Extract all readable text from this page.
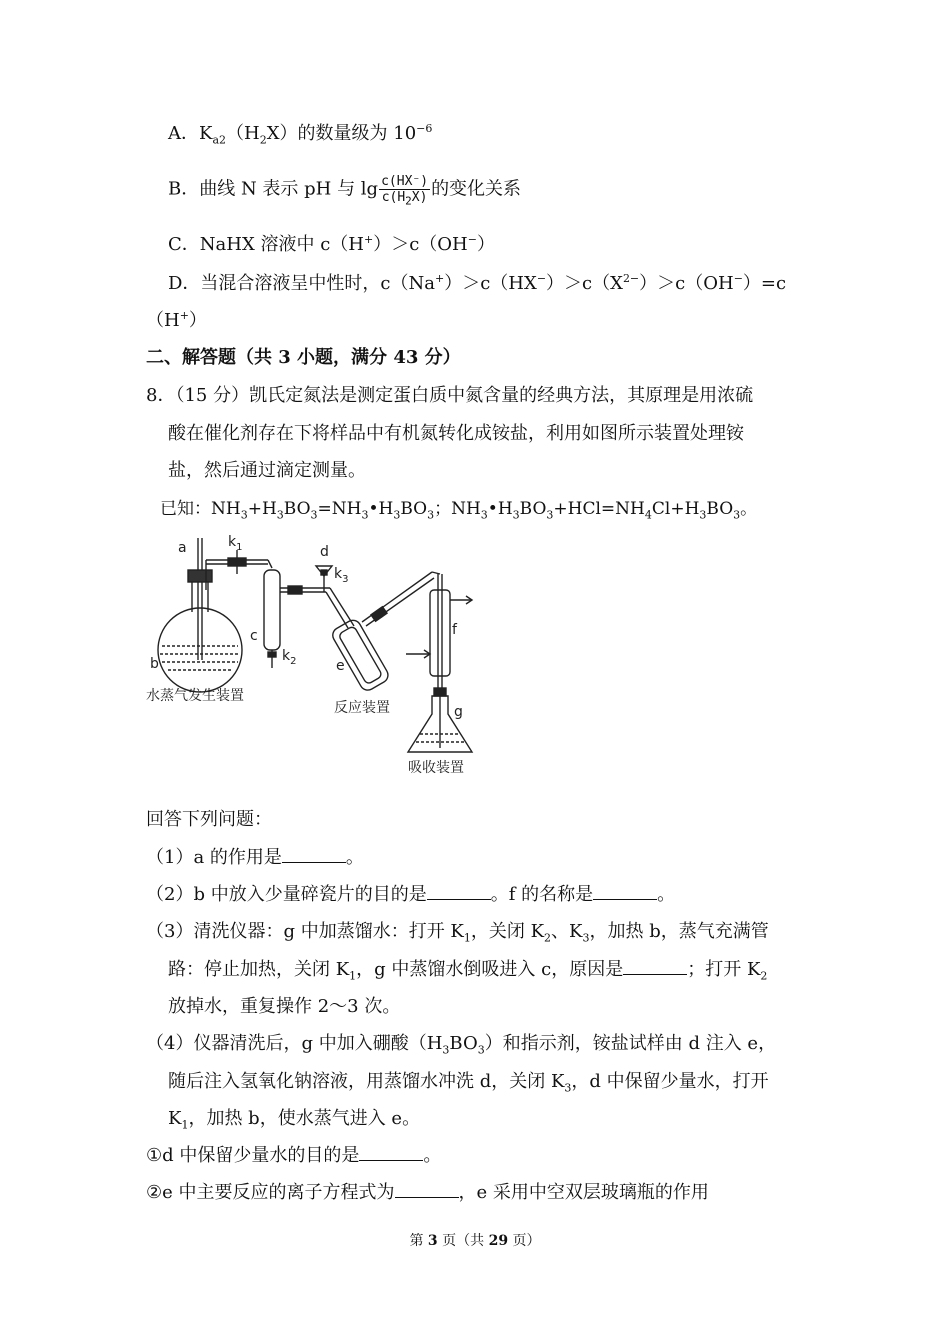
A．$K_{a2}(H_2X)$的数量级为 $10^{-6}$
B．曲线 N 表示 pH 与 $\lg \frac{c(HX^-)}{c(H_2X)}$ 的变化关系
C．NaHX 溶液中 c（H+）＞c（OH−）
D．当混合溶液呈中性时，$c(Na^+)>c(HX^-)>c(X^{2-})>c(OH^-)=c$
（H+）
二、解答题（共 3 小题，满分 43 分）
8．（15 分）凯氏定氮法是测定蛋白质中氮含量的经典方法，其原理是用浓硫
酸在催化剂存在下将样品中有机氮转化成铵盐，利用如图所示装置处理铵
盐，然后通过滴定测量。
已知：$NH_3+H_3BO_3=NH_3•H_3BO_3$；$NH_3•H_3BO_3+HCl=NH_4Cl+H_3BO_3$。
a
b
$k_1$
c
$k_2$
d
$k_3$
e
f
g
水蒸气发生装置
反应装置
吸收装置
回答下列问题：
（1）a 的作用是	。
（2）b 中放入少量碎瓷片的目的是	。f 的名称是	。
（3）清洗仪器：g 中加蒸馏水：打开 $K_1$，关闭 $K_2$、$K_3$，加热 b，蒸气充满管
路：停止加热，关闭 $K_1$，g 中蒸馏水倒吸进入 c，原因是	；打开 $K_2$
放掉水，重复操作 2～3 次。
（4）仪器清洗后，g 中加入硼酸$(H_3BO_3)$和指示剂，铵盐试样由 d 注入 e，
随后注入氢氧化钠溶液，用蒸馏水冲洗 d，关闭 $K_3$，d 中保留少量水，打开
$K_1$，加热 b，使水蒸气进入 e。
①d 中保留少量水的目的是	。
②e 中主要反应的离子方程式为	，e 采用中空双层玻璃瓶的作用
第 3 页（共 29 页）
